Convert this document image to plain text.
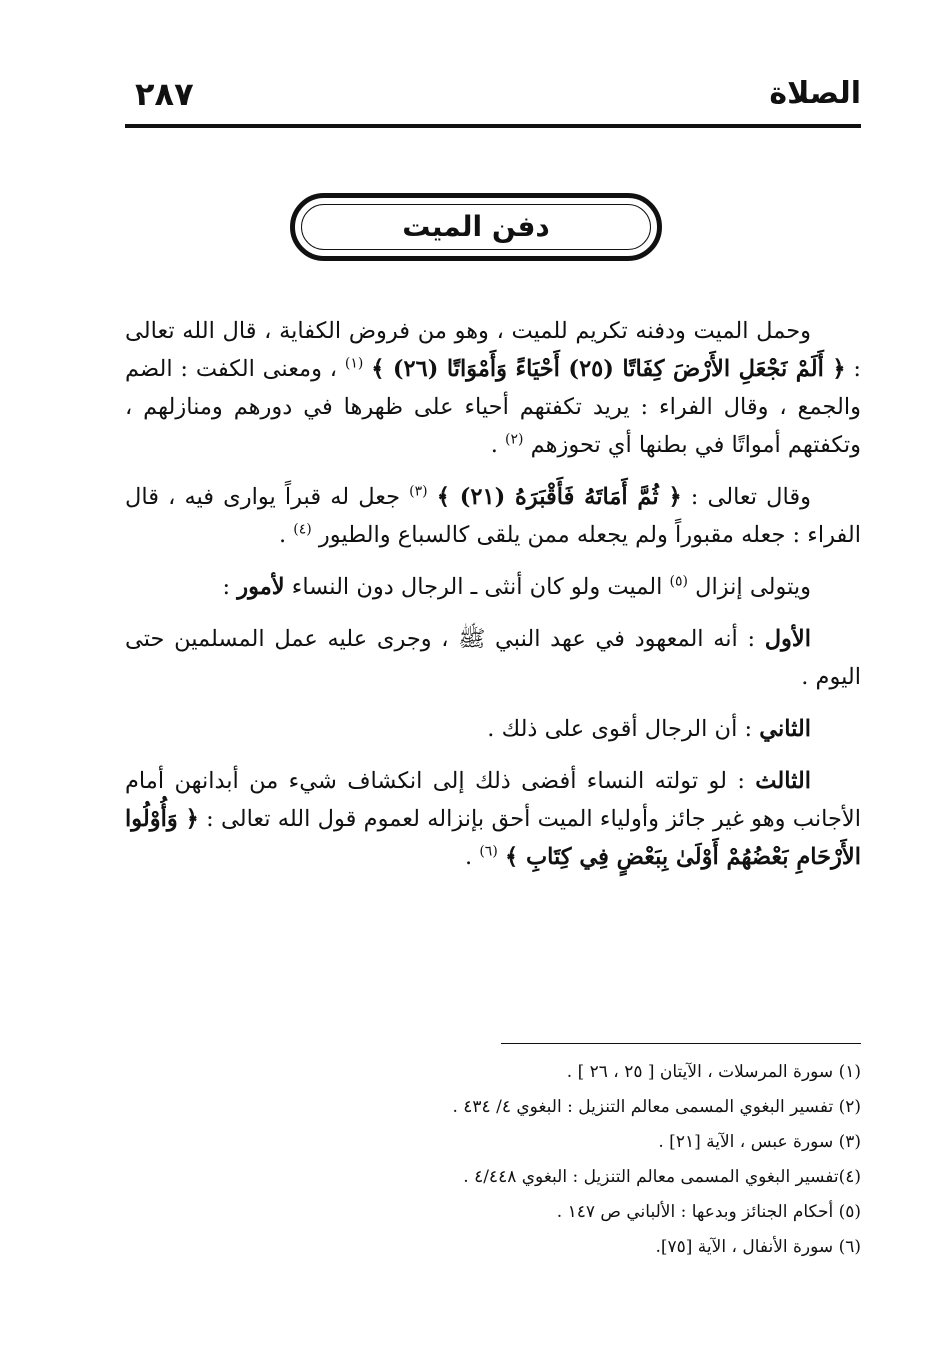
الصلاة
٢٨٧
دفن الميت

وحمل الميت ودفنه تكريم للميت ، وهو من فروض الكفاية ، قال الله تعالى : ﴿ أَلَمْ نَجْعَلِ الأَرْضَ كِفَاتًا (٢٥) أَحْيَاءً وَأَمْوَاتًا (٢٦) ﴾ $^{(١)}$ ، ومعنى الكفت : الضم والجمع ، وقال الفراء : يريد تكفتهم أحياء على ظهرها في دورهم ومنازلهم ، وتكفتهم أمواتًا في بطنها أي تحوزهم $^{(٢)}$ .

وقال تعالى : ﴿ ثُمَّ أَمَاتَهُ فَأَقْبَرَهُ (٢١) ﴾ $^{(٣)}$ جعل له قبراً يوارى فيه ، قال الفراء : جعله مقبوراً ولم يجعله ممن يلقى كالسباع والطيور $^{(٤)}$ .

ويتولى إنزال $^{(٥)}$ الميت ولو كان أنثى ـ الرجال دون النساء لأمور :

الأول : أنه المعهود في عهد النبي ﷺ ، وجرى عليه عمل المسلمين حتى اليوم .

الثاني : أن الرجال أقوى على ذلك .

الثالث : لو تولته النساء أفضى ذلك إلى انكشاف شيء من أبدانهن أمام الأجانب وهو غير جائز وأولياء الميت أحق بإنزاله لعموم قول الله تعالى : ﴿ وَأُوْلُوا الأَرْحَامِ بَعْضُهُمْ أَوْلَىٰ بِبَعْضٍ فِي كِتَابِ ﴾ $^{(٦)}$ .

(١) سورة المرسلات ، الآيتان [ ٢٥ ، ٢٦ ] .
(٢) تفسير البغوي المسمى معالم التنزيل : البغوي ٤/ ٤٣٤ .
(٣) سورة عبس ، الآية [٢١] .
(٤)تفسير البغوي المسمى معالم التنزيل : البغوي ٤/٤٤٨ .
(٥) أحكام الجنائز وبدعها : الألباني ص ١٤٧ .
(٦) سورة الأنفال ، الآية [٧٥].
